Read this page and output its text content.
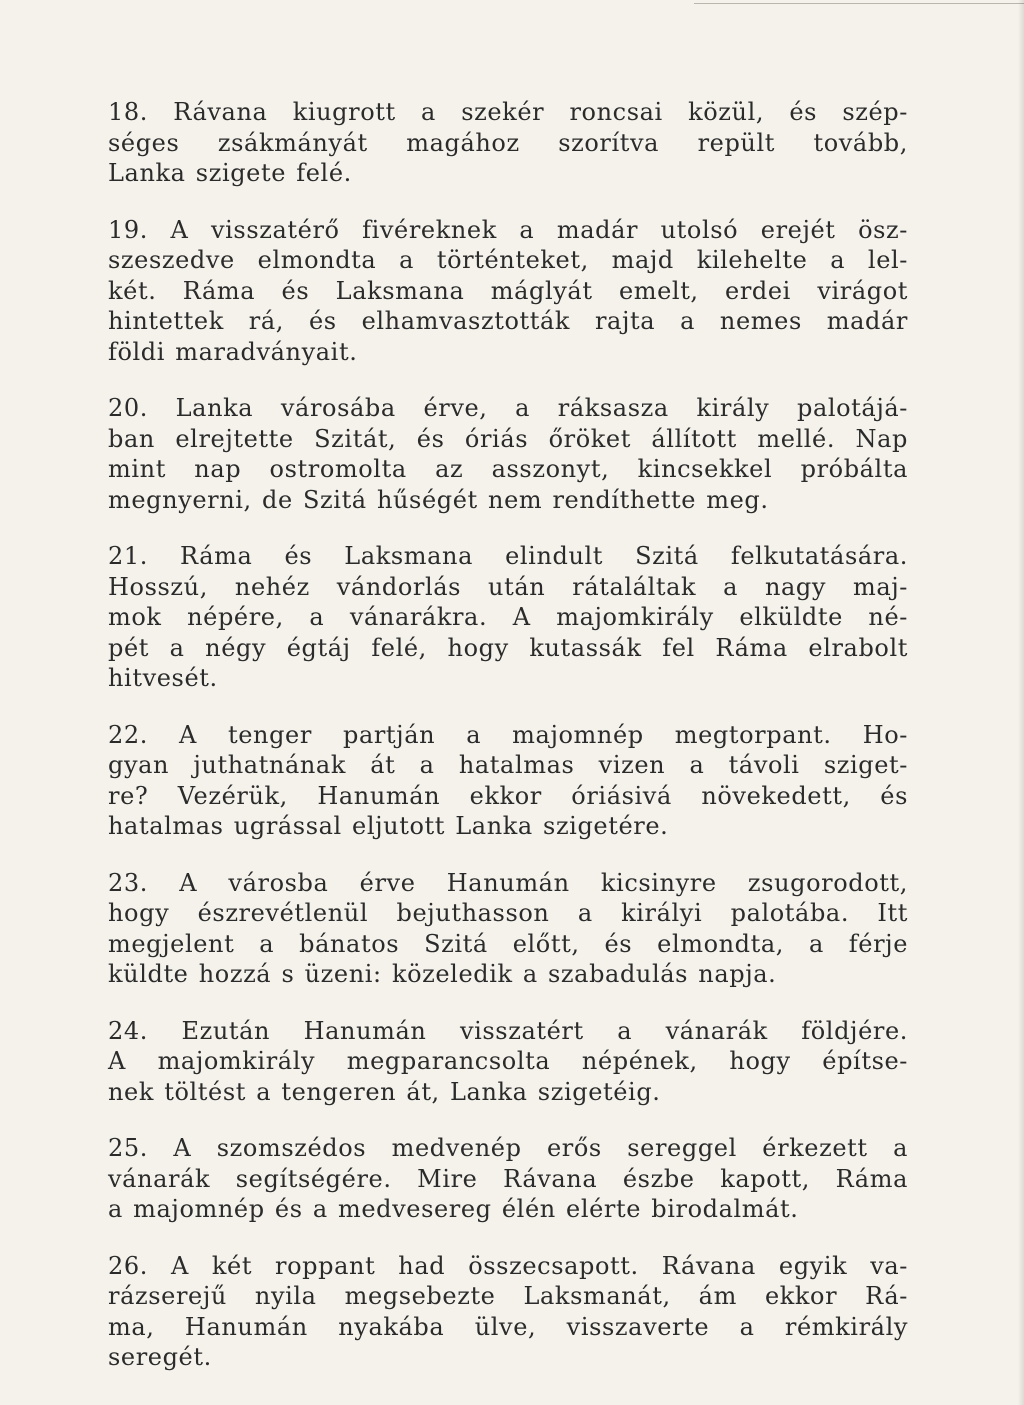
18. Rávana kiugrott a szekér roncsai közül, és szép-
séges zsákmányát magához szorítva repült tovább,
Lanka szigete felé.
19. A visszatérő fivéreknek a madár utolsó erejét ösz-
szeszedve elmondta a történteket, majd kilehelte a lel-
két. Ráma és Laksmana máglyát emelt, erdei virágot
hintettek rá, és elhamvasztották rajta a nemes madár
földi maradványait.
20. Lanka városába érve, a ráksasza király palotájá-
ban elrejtette Szitát, és óriás őröket állított mellé. Nap
mint nap ostromolta az asszonyt, kincsekkel próbálta
megnyerni, de Szitá hűségét nem rendíthette meg.
21. Ráma és Laksmana elindult Szitá felkutatására.
Hosszú, nehéz vándorlás után rátaláltak a nagy maj-
mok népére, a vánarákra. A majomkirály elküldte né-
pét a négy égtáj felé, hogy kutassák fel Ráma elrabolt
hitvesét.
22. A tenger partján a majomnép megtorpant. Ho-
gyan juthatnának át a hatalmas vizen a távoli sziget-
re? Vezérük, Hanumán ekkor óriásivá növekedett, és
hatalmas ugrással eljutott Lanka szigetére.
23. A városba érve Hanumán kicsinyre zsugorodott,
hogy észrevétlenül bejuthasson a királyi palotába. Itt
megjelent a bánatos Szitá előtt, és elmondta, a férje
küldte hozzá s üzeni: közeledik a szabadulás napja.
24. Ezután Hanumán visszatért a vánarák földjére.
A majomkirály megparancsolta népének, hogy építse-
nek töltést a tengeren át, Lanka szigetéig.
25. A szomszédos medvenép erős sereggel érkezett a
vánarák segítségére. Mire Rávana észbe kapott, Ráma
a majomnép és a medvesereg élén elérte birodalmát.
26. A két roppant had összecsapott. Rávana egyik va-
rázserejű nyila megsebezte Laksmanát, ám ekkor Rá-
ma, Hanumán nyakába ülve, visszaverte a rémkirály
seregét.
